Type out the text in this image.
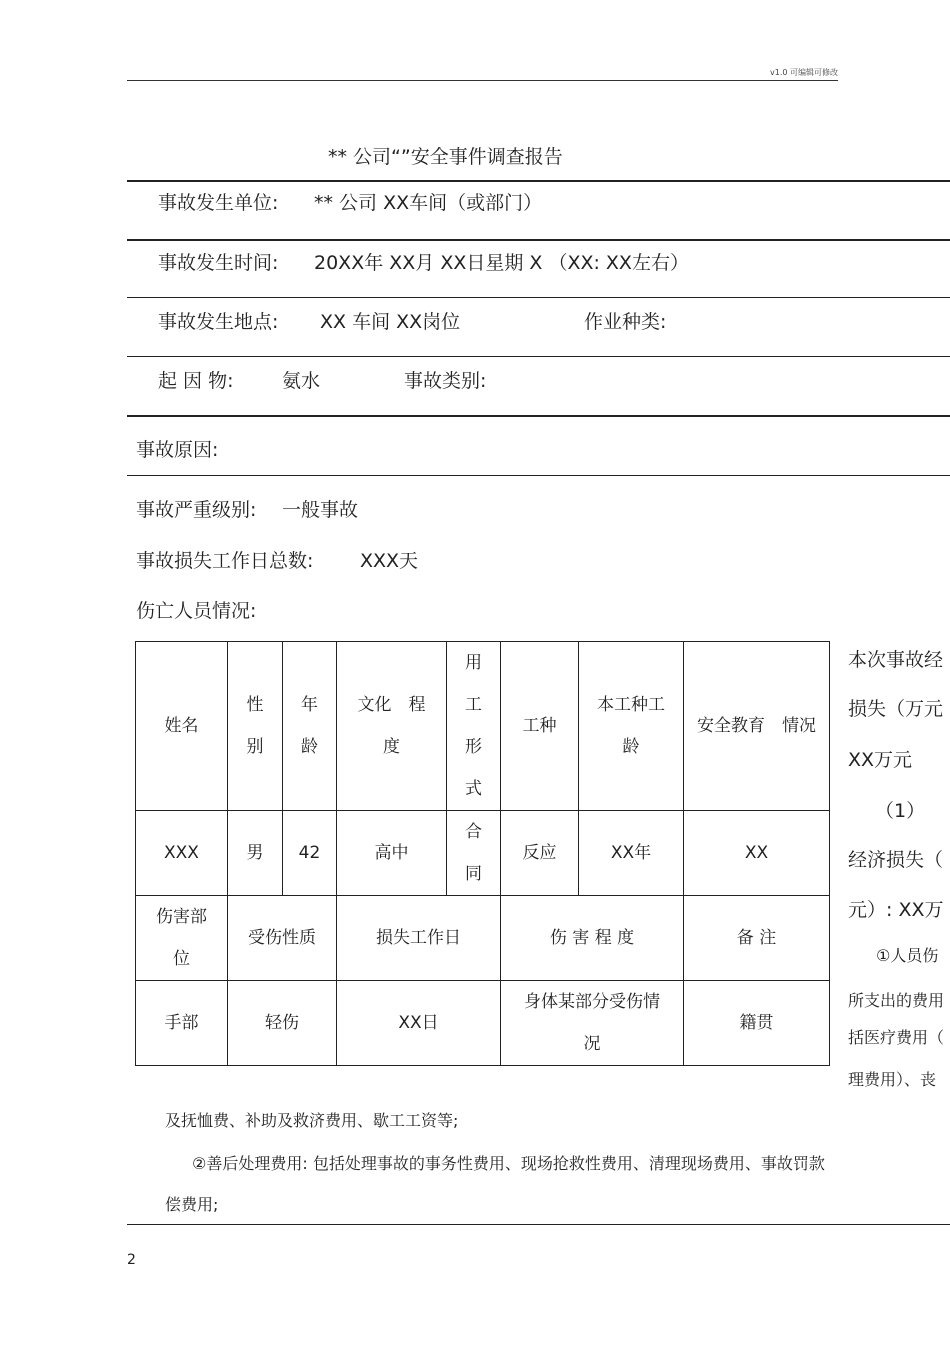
v1.0 可编辑可修改
** 公司“”安全事件调查报告
事故发生单位: ** 公司 XX车间（或部门）
事故发生时间: 20XX年 XX月 XX日星期 X （XX: XX左右）
事故发生地点: XX 车间 XX岗位	作业种类:
起 因 物:	氨水	事故类别:
事故原因:
事故严重级别: 一般事故
事故损失工作日总数: XXX天
伤亡人员情况:
姓名	性别	年龄	文化　程度	用工形式	工种	本工种工龄	安全教育　情况
XXX	男	42	高中	合同	反应	XX年	XX
伤害部位	受伤性质		损失工作日		伤 害 程 度		备 注
手部	轻伤		XX日		身体某部分受伤情况		籍贯
本次事故经
损失（万元
XX万元
（1）
经济损失（
元）: XX万
①人员伤
所支出的费用
括医疗费用（
理费用）、丧
及抚恤费、补助及救济费用、歇工工资等;
②善后处理费用: 包括处理事故的事务性费用、现场抢救性费用、清理现场费用、事故罚款
偿费用;
2
